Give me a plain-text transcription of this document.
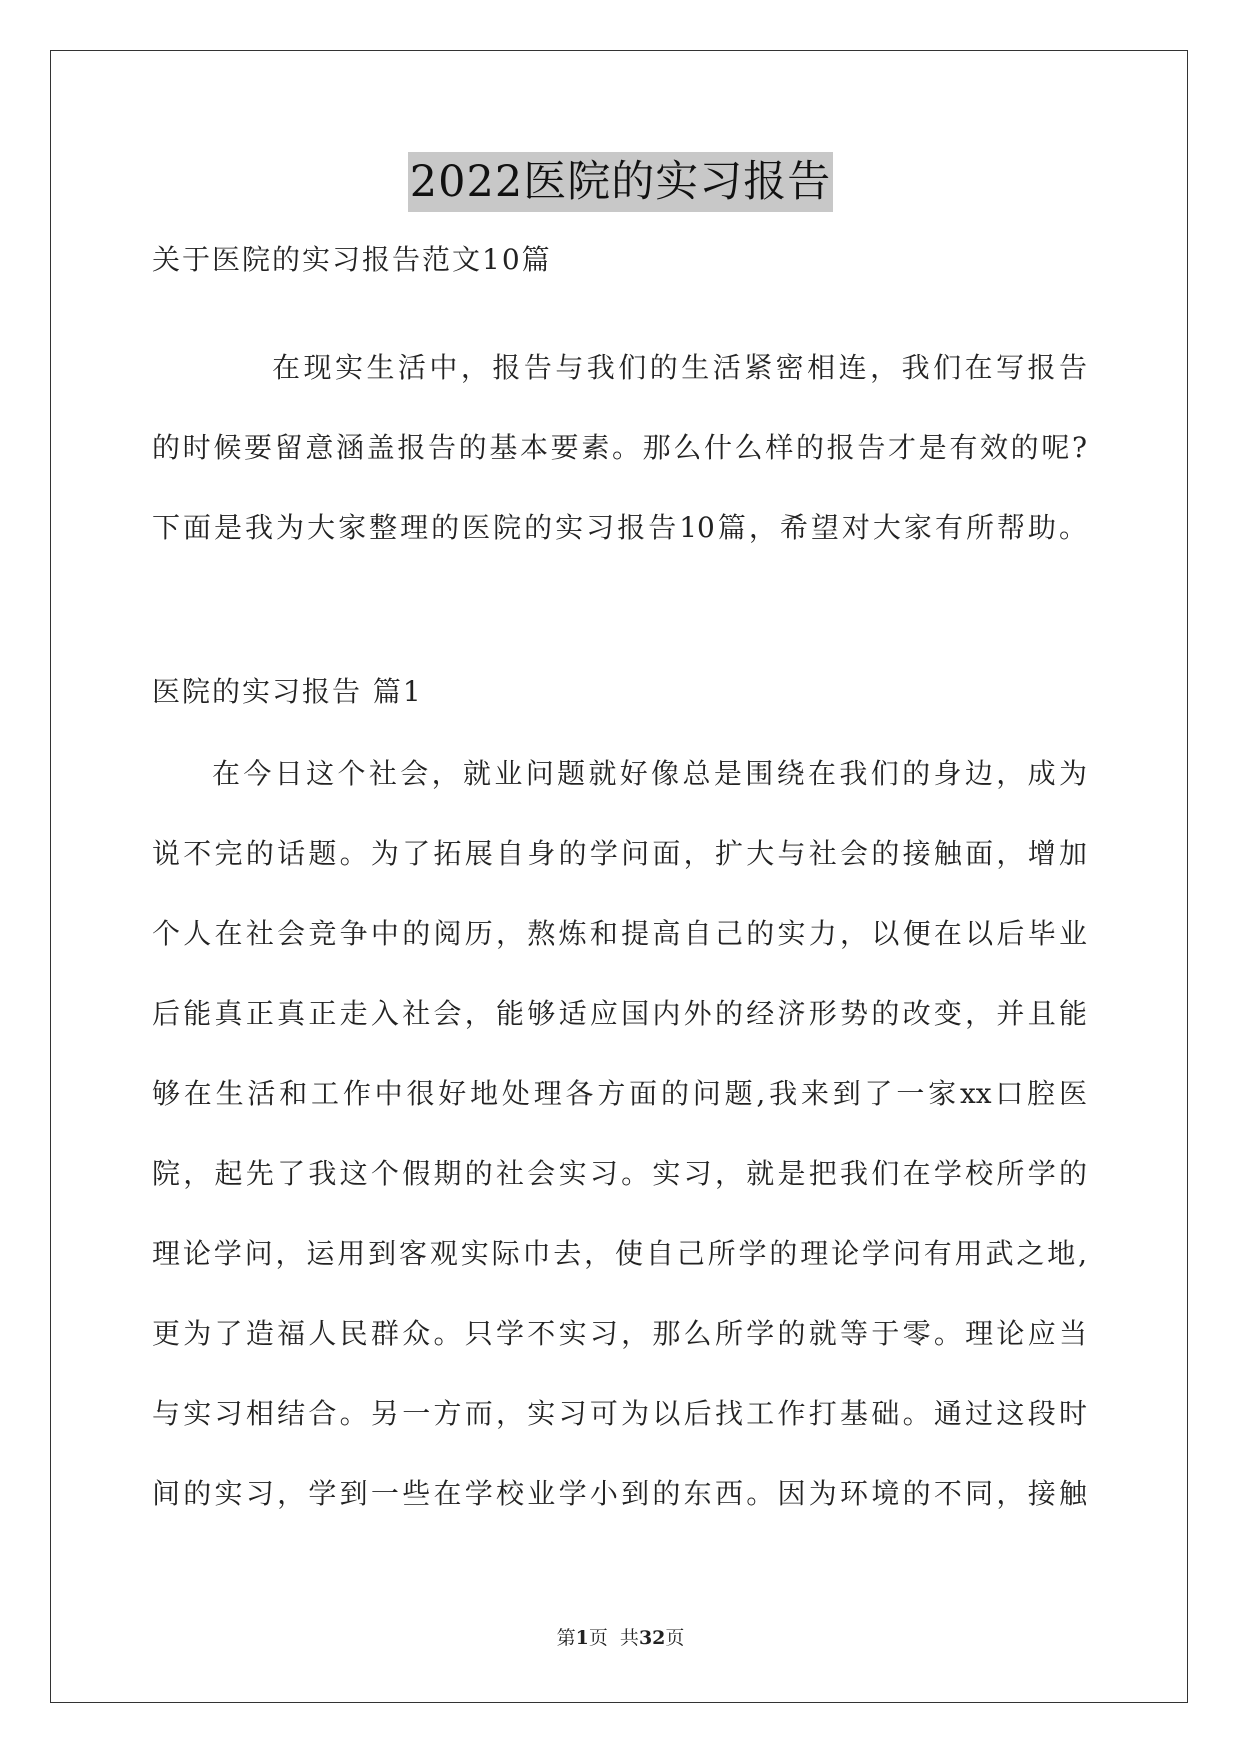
2022医院的实习报告
关于医院的实习报告范文10篇
在现实生活中，报告与我们的生活紧密相连，我们在写报告
的时候要留意涵盖报告的基本要素。那么什么样的报告才是有效的呢?
下面是我为大家整理的医院的实习报告10篇，希望对大家有所帮助。
医院的实习报告 篇1
在今日这个社会，就业问题就好像总是围绕在我们的身边，成为
说不完的话题。为了拓展自身的学问面，扩大与社会的接触面，增加
个人在社会竞争中的阅历，熬炼和提高自己的实力，以便在以后毕业
后能真正真正走入社会，能够适应国内外的经济形势的改变，并且能
够在生活和工作中很好地处理各方面的问题,我来到了一家xx口腔医
院，起先了我这个假期的社会实习。实习，就是把我们在学校所学的
理论学问，运用到客观实际巾去，使自己所学的理论学问有用武之地,
更为了造福人民群众。只学不实习，那么所学的就等于零。理论应当
与实习相结合。另一方而，实习可为以后找工作打基础。通过这段时
间的实习，学到一些在学校业学小到的东西。因为环境的不同，接触
第1页  共32页
